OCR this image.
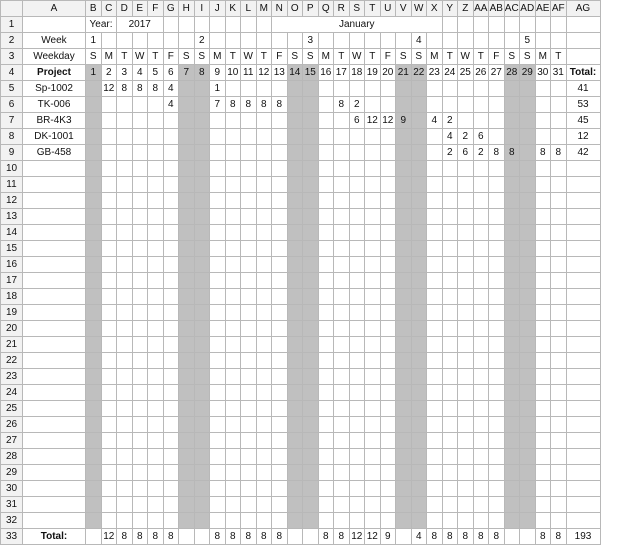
	A	B	C	D	E	F	G	H	I	J	K	L	M	N	O	P	Q	R	S	T	U	V	W	X	Y	Z	AA	AB	AC	AD	AE	AF	AG
1		Year:		2017										January																			
2	Week	1							2							3							4							5			
3	Weekday	S	M	T	W	T	F	S	S	M	T	W	T	F	S	S	M	T	W	T	F	S	S	M	T	W	T	F	S	S	M	T	
4	Project	1	2	3	4	5	6	7	8	9	10	11	12	13	14	15	16	17	18	19	20	21	22	23	24	25	26	27	28	29	30	31	Total:
5	Sp-1002		12	8	8	8	4			1																							41
6	TK-006						4			7	8	8	8	8				8	2														53
7	BR-4K3																		6	12	12	9		4	2								45
8	DK-1001																								4	2	6						12
9	GB-458																								2	6	2	8	8		8	8	42
10																																	
11																																	
12																																	
13																																	
14																																	
15																																	
16																																	
17																																	
18																																	
19																																	
20																																	
21																																	
22																																	
23																																	
24																																	
25																																	
26																																	
27																																	
28																																	
29																																	
30																																	
31																																	
32																																	
33	Total:		12	8	8	8	8			8	8	8	8	8			8	8	12	12	9		4	8	8	8	8	8			8	8	193
